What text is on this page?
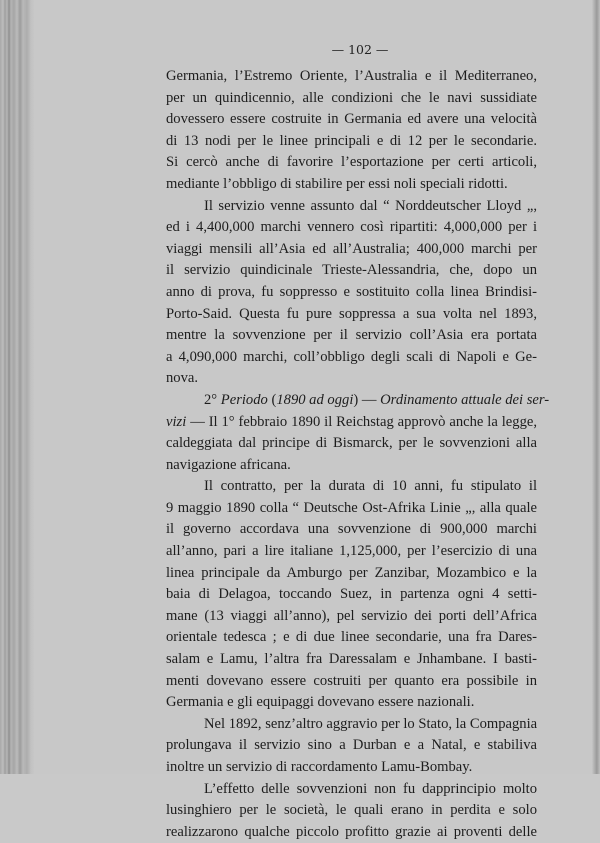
— 102 —
Germania, l’Estremo Oriente, l’Australia e il Mediterraneo,
per un quindicennio, alle condizioni che le navi sussidiate
dovessero essere costruite in Germania ed avere una velocità
di 13 nodi per le linee principali e di 12 per le secondarie.
Si cercò anche di favorire l’esportazione per certi articoli,
mediante l’obbligo di stabilire per essi noli speciali ridotti.
Il servizio venne assunto dal “ Norddeutscher Lloyd „,
ed i 4,400,000 marchi vennero così ripartiti: 4,000,000 per i
viaggi mensili all’Asia ed all’Australia; 400,000 marchi per
il servizio quindicinale Trieste-Alessandria, che, dopo un
anno di prova, fu soppresso e sostituito colla linea Brindisi-
Porto-Said. Questa fu pure soppressa a sua volta nel 1893,
mentre la sovvenzione per il servizio coll’Asia era portata
a 4,090,000 marchi, coll’obbligo degli scali di Napoli e Ge-
nova.
2° Periodo (1890 ad oggi) — Ordinamento attuale dei ser-
vizi — Il 1° febbraio 1890 il Reichstag approvò anche la legge,
caldeggiata dal principe di Bismarck, per le sovvenzioni alla
navigazione africana.
Il contratto, per la durata di 10 anni, fu stipulato il
9 maggio 1890 colla “ Deutsche Ost-Afrika Linie „, alla quale
il governo accordava una sovvenzione di 900,000 marchi
all’anno, pari a lire italiane 1,125,000, per l’esercizio di una
linea principale da Amburgo per Zanzibar, Mozambico e la
baia di Delagoa, toccando Suez, in partenza ogni 4 setti-
mane (13 viaggi all’anno), pel servizio dei porti dell’Africa
orientale tedesca ; e di due linee secondarie, una fra Dares-
salam e Lamu, l’altra fra Daressalam e Jnhambane. I basti-
menti dovevano essere costruiti per quanto era possibile in
Germania e gli equipaggi dovevano essere nazionali.
Nel 1892, senz’altro aggravio per lo Stato, la Compagnia
prolungava il servizio sino a Durban e a Natal, e stabiliva
inoltre un servizio di raccordamento Lamu-Bombay.
L’effetto delle sovvenzioni non fu dapprincipio molto
lusinghiero per le società, le quali erano in perdita e solo
realizzarono qualche piccolo profitto grazie ai proventi delle
